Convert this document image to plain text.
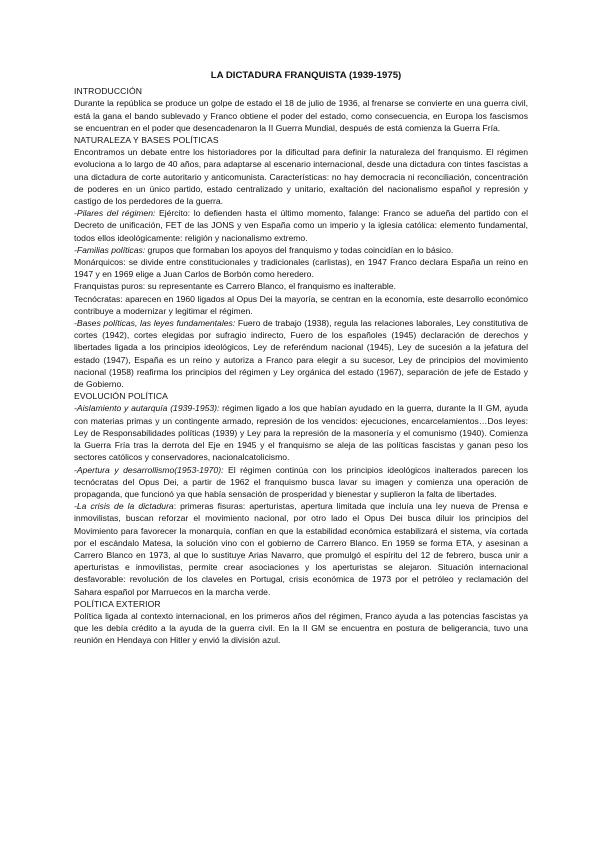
LA DICTADURA FRANQUISTA (1939-1975)
INTRODUCCIÓN

Durante la república se produce un golpe de estado el 18 de julio de 1936, al frenarse se convierte en una guerra civil, está la gana el bando sublevado y Franco obtiene el poder del estado, como consecuencia, en Europa los fascismos se encuentran en el poder que desencadenaron la II Guerra Mundial, después de está comienza la Guerra Fría.

NATURALEZA Y BASES POLÍTICAS

Encontramos un debate entre los historiadores por la dificultad para definir la naturaleza del franquismo. El régimen evoluciona a lo largo de 40 años, para adaptarse al escenario internacional, desde una dictadura con tintes fascistas a una dictadura de corte autoritario y anticomunista. Características: no hay democracia ni reconciliación, concentración de poderes en un único partido, estado centralizado y unitario, exaltación del nacionalismo español y represión y castigo de los perdedores de la guerra.

-Pilares del régimen: Ejército: lo defienden hasta el último momento, falange: Franco se adueña del partido con el Decreto de unificación, FET de las JONS y ven España como un imperio y la iglesia católica: elemento fundamental, todos ellos ideológicamente: religión y nacionalismo extremo.

-Familias políticas: grupos que formaban los apoyos del franquismo y todas coincidían en lo básico.

Monárquicos: se divide entre constitucionales y tradicionales (carlistas), en 1947 Franco declara España un reino en 1947 y en 1969 elige a Juan Carlos de Borbón como heredero.

Franquistas puros: su representante es Carrero Blanco, el franquismo es inalterable.

Tecnócratas: aparecen en 1960 ligados al Opus Dei la mayoría, se centran en la economía, este desarrollo económico contribuye a modernizar y legitimar el régimen.

-Bases políticas, las leyes fundamentales: Fuero de trabajo (1938), regula las relaciones laborales, Ley constitutiva de cortes (1942), cortes elegidas por sufragio indirecto, Fuero de los españoles (1945) declaración de derechos y libertades ligada a los principios ideológicos, Ley de referéndum nacional (1945), Ley de sucesión a la jefatura del estado (1947), España es un reino y autoriza a Franco para elegir a su sucesor, Ley de principios del movimiento nacional (1958) reafirma los principios del régimen y Ley orgánica del estado (1967), separación de jefe de Estado y de Gobierno.

EVOLUCIÓN POLÍTICA

-Aislamiento y autarquía (1939-1953): régimen ligado a los que habían ayudado en la guerra, durante la II GM, ayuda con materias primas y un contingente armado, represión de los vencidos: ejecuciones, encarcelamientos…Dos leyes: Ley de Responsabilidades políticas (1939) y Ley para la represión de la masonería y el comunismo (1940). Comienza la Guerra Fría tras la derrota del Eje en 1945 y el franquismo se aleja de las políticas fascistas y ganan peso los sectores católicos y conservadores, nacionalcatolicismo.

-Apertura y desarrollismo(1953-1970): El régimen continúa con los principios ideológicos inalterados parecen los tecnócratas del Opus Dei, a partir de 1962 el franquismo busca lavar su imagen y comienza una operación de propaganda, que funcionó ya que había sensación de prosperidad y bienestar y suplieron la falta de libertades.

-La crisis de la dictadura: primeras fisuras: aperturistas, apertura limitada que incluía una ley nueva de Prensa e inmovilistas, buscan reforzar el movimiento nacional, por otro lado el Opus Dei busca diluir los principios del Movimiento para favorecer la monarquía, confían en que la estabilidad económica estabilizará el sistema, vía cortada por el escándalo Matesa, la solución vino con el gobierno de Carrero Blanco. En 1959 se forma ETA, y asesinan a Carrero Blanco en 1973, al que lo sustituye Arias Navarro, que promulgó el espíritu del 12 de febrero, busca unir a aperturistas e inmovilistas, permite crear asociaciones y los aperturistas se alejaron. Situación internacional desfavorable: revolución de los claveles en Portugal, crisis económica de 1973 por el petróleo y reclamación del Sahara español por Marruecos en la marcha verde.

POLÍTICA EXTERIOR

Política ligada al contexto internacional, en los primeros años del régimen, Franco ayuda a las potencias fascistas ya que les debía crédito a la ayuda de la guerra civil. En la II GM se encuentra en postura de beligerancia, tuvo una reunión en Hendaya con Hitler y envió la división azul.
